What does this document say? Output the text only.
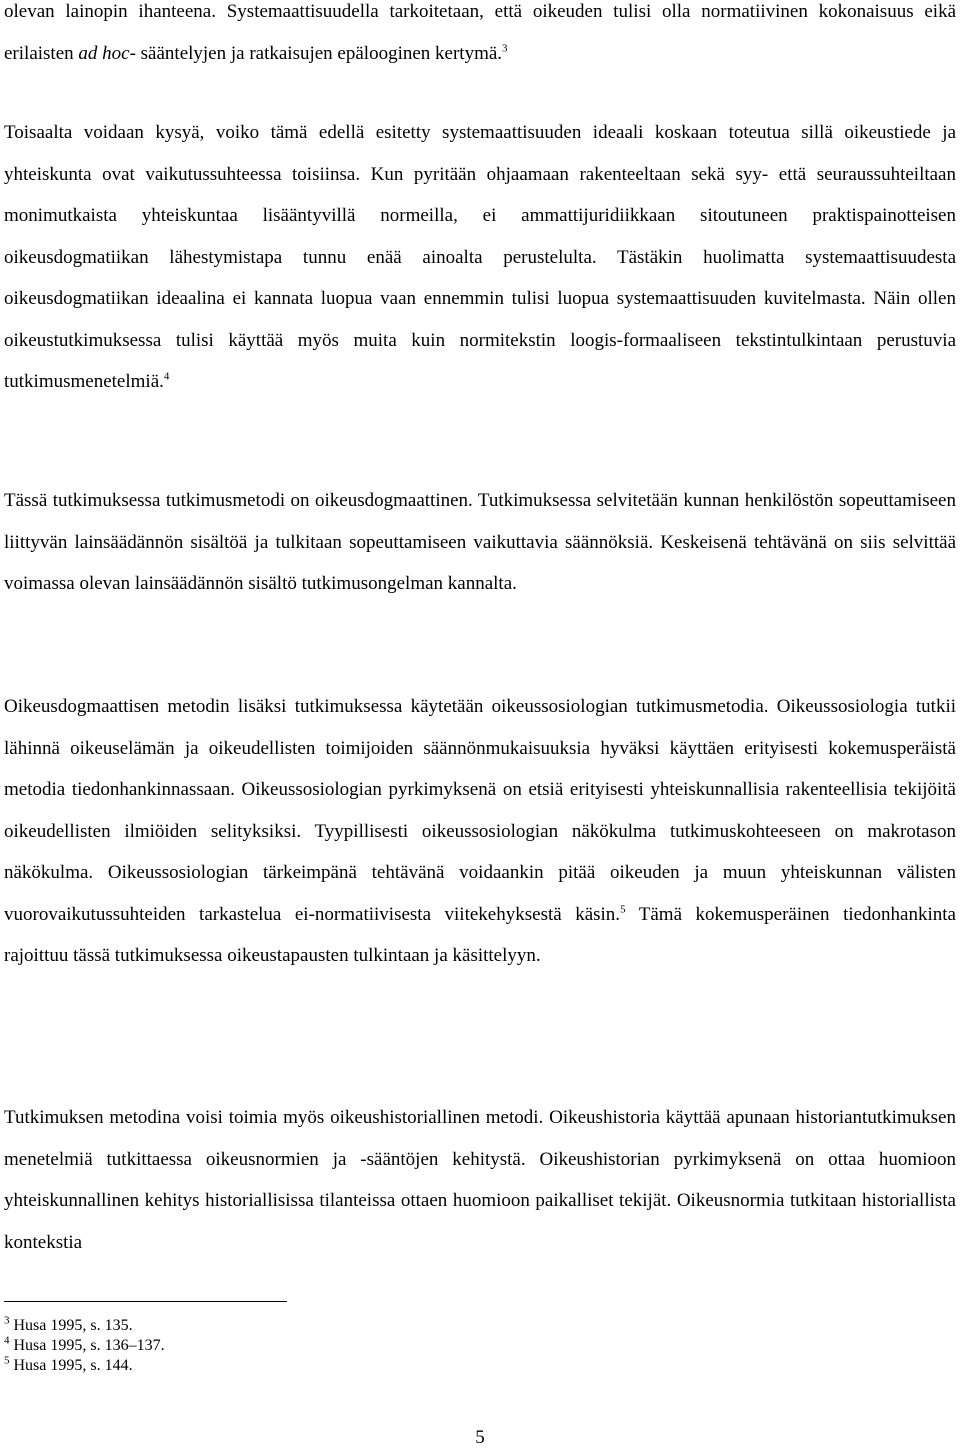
olevan lainopin ihanteena. Systemaattisuudella tarkoitetaan, että oikeuden tulisi olla normatiivinen kokonaisuus eikä erilaisten ad hoc- sääntelyjen ja ratkaisujen epälooginen kertymä.$^3$

Toisaalta voidaan kysyä, voiko tämä edellä esitetty systemaattisuuden ideaali koskaan toteutua sillä oikeustiede ja yhteiskunta ovat vaikutussuhteessa toisiinsa. Kun pyritään ohjaamaan rakenteeltaan sekä syy- että seuraussuhteiltaan monimutkaista yhteiskuntaa lisääntyvillä normeilla, ei ammattijuridiikkaan sitoutuneen praktispainotteisen oikeusdogmatiikan lähestymistapa tunnu enää ainoalta perustelulta. Tästäkin huolimatta systemaattisuudesta oikeusdogmatiikan ideaalina ei kannata luopua vaan ennemmin tulisi luopua systemaattisuuden kuvitelmasta. Näin ollen oikeustutkimuksessa tulisi käyttää myös muita kuin normitekstin loogis-formaaliseen tekstintulkintaan perustuvia tutkimusmenetelmiä.$^4$

Tässä tutkimuksessa tutkimusmetodi on oikeusdogmaattinen. Tutkimuksessa selvitetään kunnan henkilöstön sopeuttamiseen liittyvän lainsäädännön sisältöä ja tulkitaan sopeuttamiseen vaikuttavia säännöksiä. Keskeisenä tehtävänä on siis selvittää voimassa olevan lainsäädännön sisältö tutkimusongelman kannalta.

Oikeusdogmaattisen metodin lisäksi tutkimuksessa käytetään oikeussosiologian tutkimusmetodia. Oikeussosiologia tutkii lähinnä oikeuselämän ja oikeudellisten toimijoiden säännönmukaisuuksia hyväksi käyttäen erityisesti kokemusperäistä metodia tiedonhankinnassaan. Oikeussosiologian pyrkimyksenä on etsiä erityisesti yhteiskunnallisia rakenteellisia tekijöitä oikeudellisten ilmiöiden selityksiksi. Tyypillisesti oikeussosiologian näkökulma tutkimuskohteeseen on makrotason näkökulma. Oikeussosiologian tärkeimpänä tehtävänä voidaankin pitää oikeuden ja muun yhteiskunnan välisten vuorovaikutussuhteiden tarkastelua ei-normatiivisesta viitekehyksestä käsin.$^5$ Tämä kokemusperäinen tiedonhankinta rajoittuu tässä tutkimuksessa oikeustapausten tulkintaan ja käsittelyyn.

Tutkimuksen metodina voisi toimia myös oikeushistoriallinen metodi. Oikeushistoria käyttää apunaan historiantutkimuksen menetelmiä tutkittaessa oikeusnormien ja -sääntöjen kehitystä. Oikeushistorian pyrkimyksenä on ottaa huomioon yhteiskunnallinen kehitys historiallisissa tilanteissa ottaen huomioon paikalliset tekijät. Oikeusnormia tutkitaan historiallista kontekstia

$^3$ Husa 1995, s. 135.

$^4$ Husa 1995, s. 136–137.

$^5$ Husa 1995, s. 144.

5
